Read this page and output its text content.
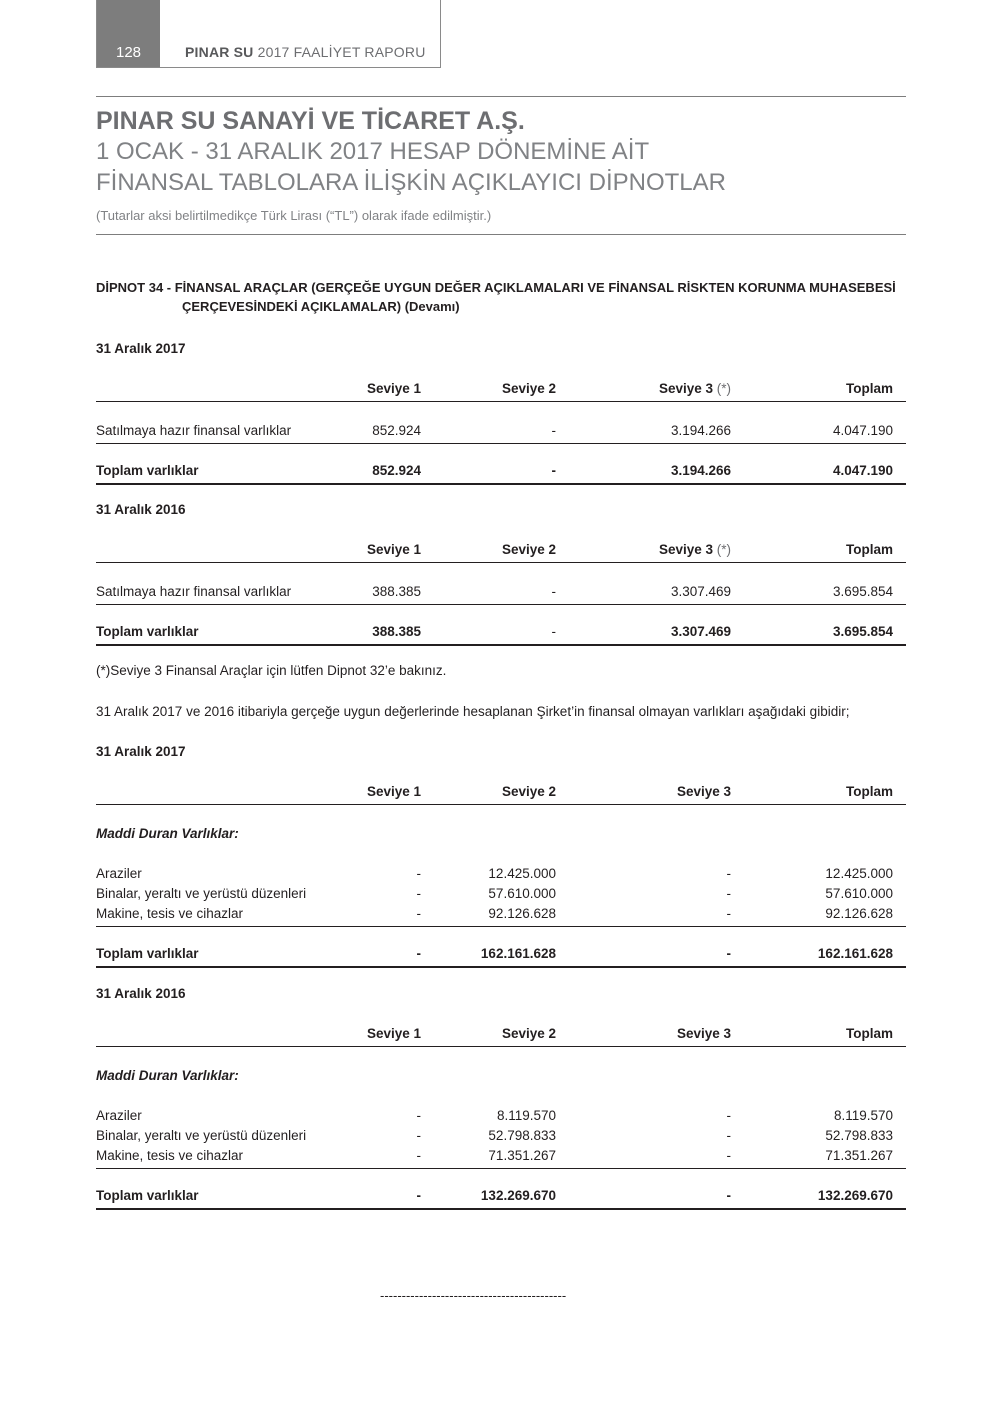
128	PINAR SU 2017 FAALİYET RAPORU
PINAR SU SANAYİ VE TİCARET A.Ş.
1 OCAK - 31 ARALIK 2017 HESAP DÖNEMİNE AİT
FİNANSAL TABLOLARA İLİŞKİN AÇIKLAYICI DİPNOTLAR
(Tutarlar aksi belirtilmedikçe Türk Lirası (“TL”) olarak ifade edilmiştir.)
DİPNOT 34 - FİNANSAL ARAÇLAR (GERÇEĞE UYGUN DEĞER AÇIKLAMALARI VE FİNANSAL RİSKTEN KORUNMA MUHASEBESİ
ÇERÇEVESİNDEKİ AÇIKLAMALAR) (Devamı)
31 Aralık 2017
Seviye 1	Seviye 2	Seviye 3 (*)	Toplam
Satılmaya hazır finansal varlıklar	852.924	-	3.194.266	4.047.190
Toplam varlıklar	852.924	-	3.194.266	4.047.190
31 Aralık 2016
Seviye 1	Seviye 2	Seviye 3 (*)	Toplam
Satılmaya hazır finansal varlıklar	388.385	-	3.307.469	3.695.854
Toplam varlıklar	388.385	-	3.307.469	3.695.854
(*)Seviye 3 Finansal Araçlar için lütfen Dipnot 32’e bakınız.
31 Aralık 2017 ve 2016 itibariyla gerçeğe uygun değerlerinde hesaplanan Şirket’in finansal olmayan varlıkları aşağıdaki gibidir;
31 Aralık 2017
Seviye 1	Seviye 2	Seviye 3	Toplam
Maddi Duran Varlıklar:
Araziler	-	12.425.000	-	12.425.000
Binalar, yeraltı ve yerüstü düzenleri	-	57.610.000	-	57.610.000
Makine, tesis ve cihazlar	-	92.126.628	-	92.126.628
Toplam varlıklar	-	162.161.628	-	162.161.628
31 Aralık 2016
Seviye 1	Seviye 2	Seviye 3	Toplam
Maddi Duran Varlıklar:
Araziler	-	8.119.570	-	8.119.570
Binalar, yeraltı ve yerüstü düzenleri	-	52.798.833	-	52.798.833
Makine, tesis ve cihazlar	-	71.351.267	-	71.351.267
Toplam varlıklar	-	132.269.670	-	132.269.670
-------------------------------------------
